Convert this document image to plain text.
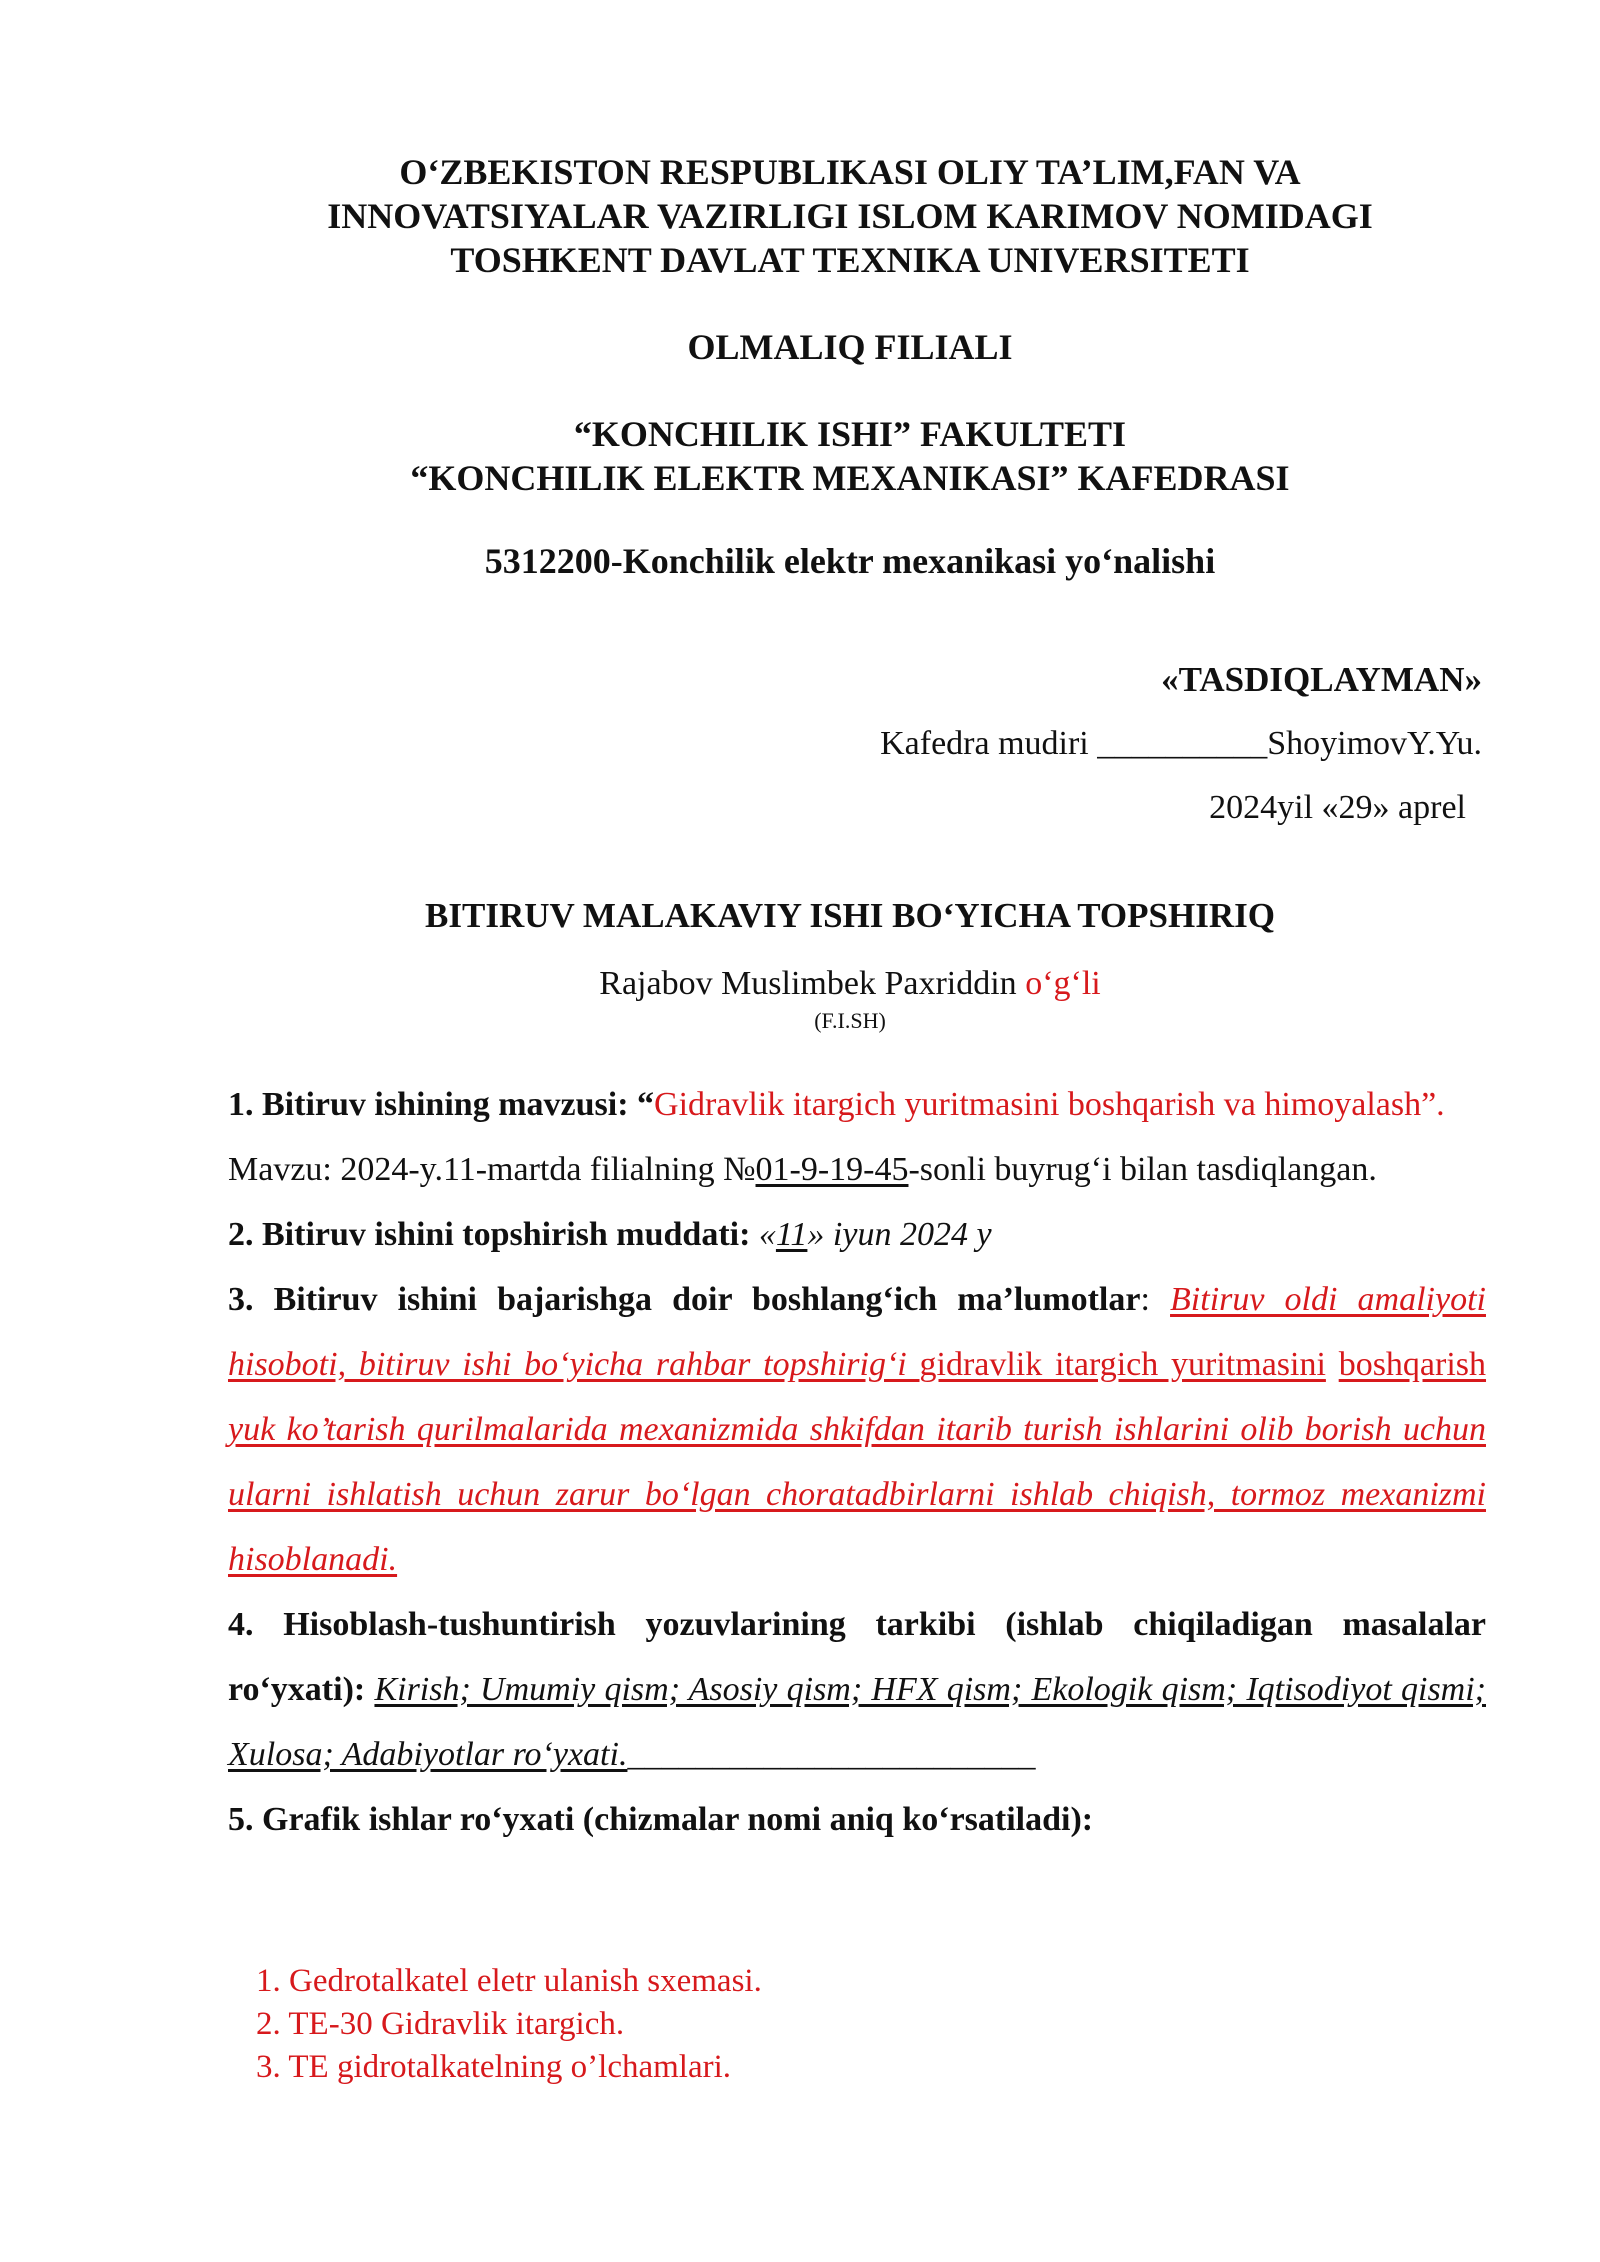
O‘ZBEKISTON RESPUBLIKASI OLIY TA’LIM,FAN VA
INNOVATSIYALAR VAZIRLIGI ISLOM KARIMOV NOMIDAGI
TOSHKENT DAVLAT TEXNIKA UNIVERSITETI
OLMALIQ FILIALI
“KONCHILIK ISHI” FAKULTETI
“KONCHILIK ELEKTR MEXANIKASI” KAFEDRASI
5312200-Konchilik elektr mexanikasi yo‘nalishi
«TASDIQLAYMAN»
Kafedra mudiri __________ShoyimovY.Yu.
2024yil «29» aprel
BITIRUV MALAKAVIY ISHI BO‘YICHA TOPSHIRIQ
Rajabov Muslimbek Paxriddin o‘g‘li
(F.I.SH)

1. Bitiruv ishining mavzusi: “Gidravlik itargich yuritmasini boshqarish va himoyalash”.

Mavzu: 2024-y.11-martda filialning №01-9-19-45-sonli buyrug‘i bilan tasdiqlangan.

2. Bitiruv ishini topshirish muddati: «11» iyun 2024 y

3. Bitiruv ishini bajarishga doir boshlang‘ich ma’lumotlar: Bitiruv oldi amaliyoti hisoboti, bitiruv ishi bo‘yicha rahbar topshirig‘i gidravlik itargich yuritmasini boshqarish yuk ko’tarish qurilmalarida mexanizmida shkifdan itarib turish ishlarini olib borish uchun ularni ishlatish uchun zarur bo‘lgan choratadbirlarni ishlab chiqish, tormoz mexanizmi hisoblanadi.

4. Hisoblash-tushuntirish yozuvlarining tarkibi (ishlab chiqiladigan masalalar ro‘yxati): Kirish; Umumiy qism; Asosiy qism; HFX qism; Ekologik qism; Iqtisodiyot qismi; Xulosa; Adabiyotlar ro‘yxati.________________________

5. Grafik ishlar ro‘yxati (chizmalar nomi aniq ko‘rsatiladi):

1. Gedrotalkatel eletr ulanish sxemasi.
2. TE-30 Gidravlik itargich.
3. TE gidrotalkatelning o’lchamlari.
